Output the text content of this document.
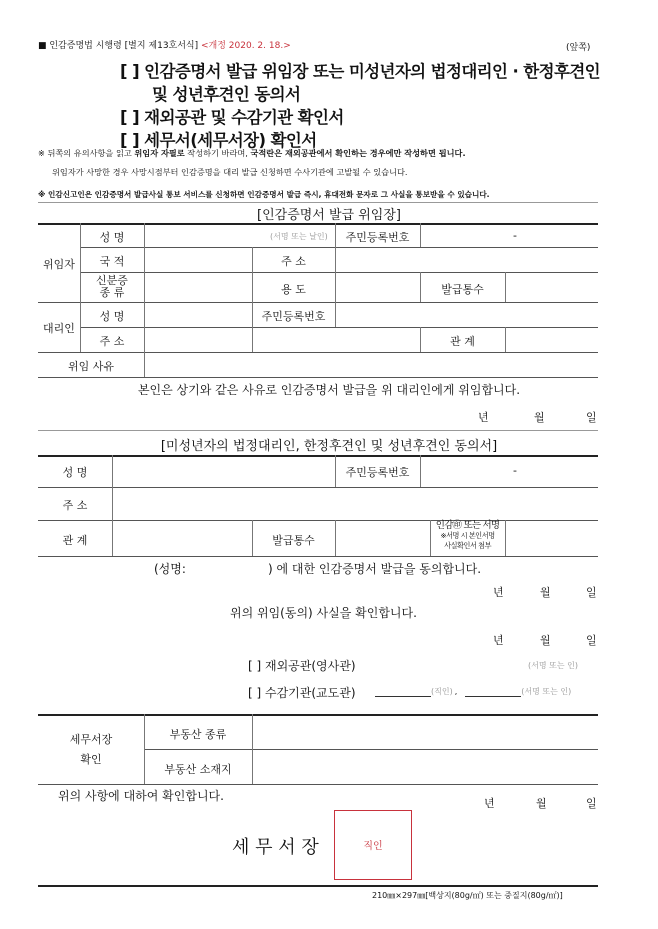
■ 인감증명법 시행령 [별지 제13호서식] <개정 2020. 2. 18.>	(앞쪽)
[ ] 인감증명서 발급 위임장 또는 미성년자의 법정대리인 · 한정후견인
및 성년후견인 동의서
[ ] 재외공관 및 수감기관 확인서
[ ] 세무서(세무서장) 확인서
※ 뒤쪽의 유의사항을 읽고 위임자 자필로 작성하기 바라며, 국적란은 재외공관에서 확인하는 경우에만 작성하면 됩니다.
위임자가 사망한 경우 사망시점부터 인감증명을 대리 발급 신청하면 수사기관에 고발될 수 있습니다.
※ 인감신고인은 인감증명서 발급사실 통보 서비스를 신청하면 인감증명서 발급 즉시, 휴대전화 문자로 그 사실을 통보받을 수 있습니다.
[인감증명서 발급 위임장]
위임자
성 명	(서명 또는 날인)	주민등록번호	-
국 적	주 소
신분증
종 류	용 도	발급통수
대리인
성 명	주민등록번호
주 소	관 계
위임 사유
본인은 상기와 같은 사유로 인감증명서 발급을 위 대리인에게 위임합니다.
년	월	일
[미성년자의 법정대리인, 한정후견인 및 성년후견인 동의서]
성 명	주민등록번호	-
주 소
관 계	발급통수
인감㊞ 또는 서명
※서명 시 본인서명
사실확인서 첨부
(성명:	) 에 대한 인감증명서 발급을 동의합니다.
년	월	일
위의 위임(동의) 사실을 확인합니다.
년	월	일
[ ] 재외공관(영사관)	(서명 또는 인)
[ ] 수감기관(교도관)	(직인) ,	(서명 또는 인)
세무서장
확인
부동산 종류
부동산 소재지
위의 사항에 대하여 확인합니다.
년	월	일
세 무 서 장	직인
210㎜×297㎜[백상지(80g/㎡) 또는 중질지(80g/㎡)]
